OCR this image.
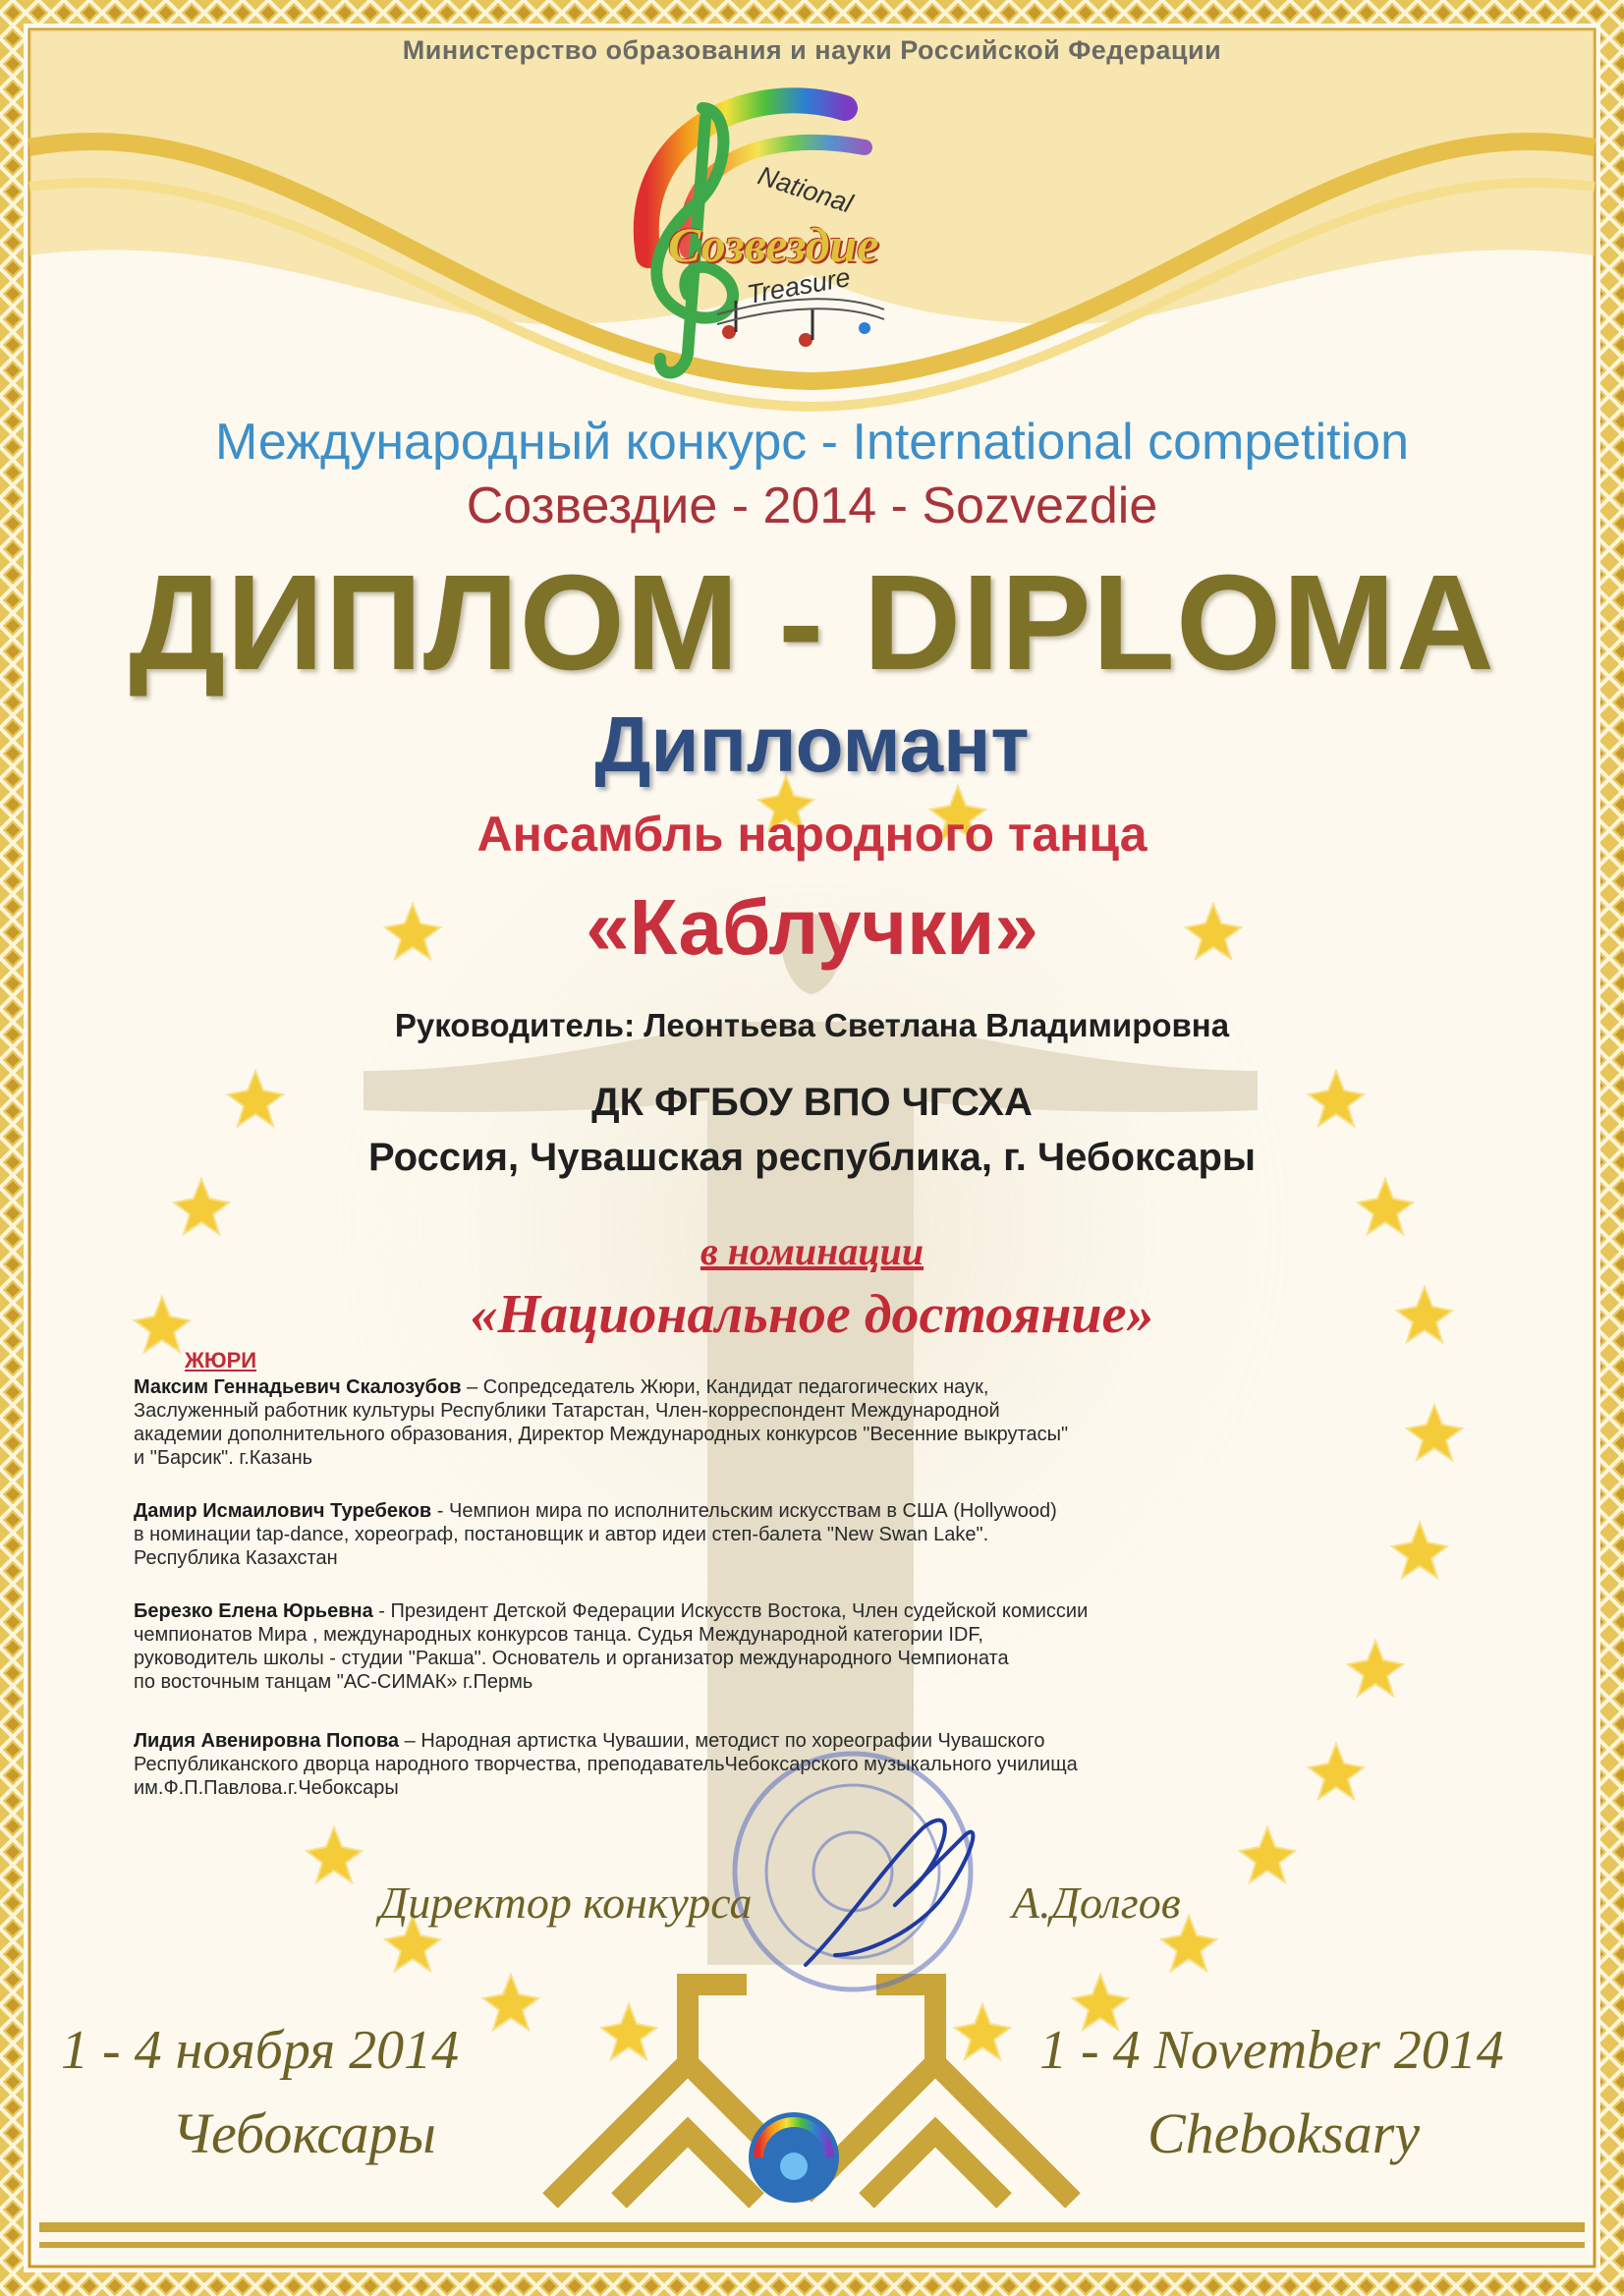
Министерство образования и науки Российской Федерации
National
Созвездие
Treasure
Международный конкурс - International competition
Созвездие - 2014 - Sozvezdie
ДИПЛОМ - DIPLOMA
Дипломант
Ансамбль народного танца
«Каблучки»
Руководитель: Леонтьева Светлана Владимировна
ДК ФГБОУ ВПО ЧГСХА
Россия, Чувашская республика, г. Чебоксары
в номинации
«Национальное достояние»
ЖЮРИ
Максим Геннадьевич Скалозубов – Сопредседатель Жюри, Кандидат педагогических наук,
Заслуженный работник культуры Республики Татарстан, Член-корреспондент Международной
академии дополнительного образования, Директор Международных конкурсов "Весенние выкрутасы"
и "Барсик". г.Казань
Дамир Исмаилович Туребеков - Чемпион мира по исполнительским искусствам в США (Hollywood)
в номинации tap-dance, хореограф, постановщик и автор идеи степ-балета "New Swan Lake".
Республика Казахстан
Березко Елена Юрьевна - Президент Детской Федерации Искусств Востока, Член судейской комиссии
чемпионатов Мира , международных конкурсов танца. Судья Международной категории IDF,
руководитель школы - студии "Ракша". Основатель и организатор международного Чемпионата
по восточным танцам "АС-СИМАК» г.Пермь
Лидия Авенировна Попова – Народная артистка Чувашии, методист по хореографии Чувашского
Республиканского дворца народного творчества, преподавательЧебоксарского музыкального училища
им.Ф.П.Павлова.г.Чебоксары
Директор конкурса	А.Долгов
1 - 4 ноября 2014	1 - 4 November 2014
Чебоксары	Cheboksary
